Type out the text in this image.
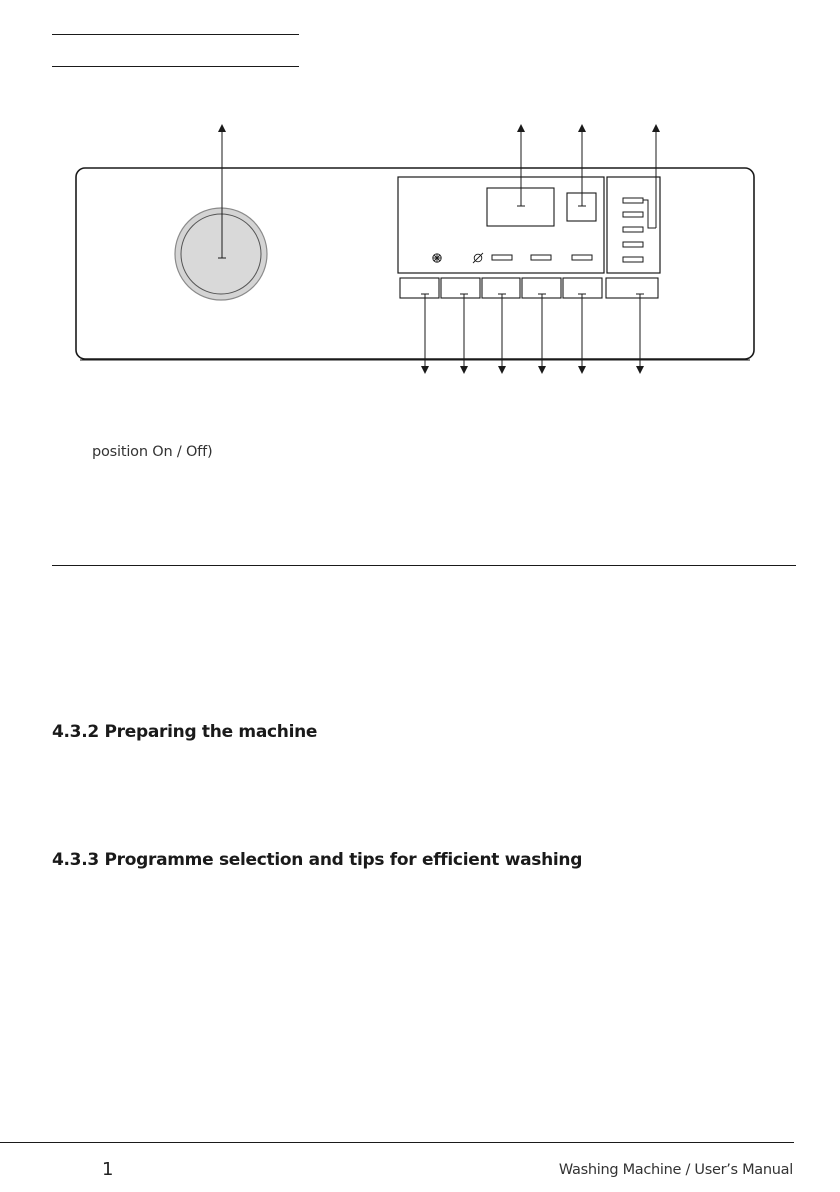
position On / Off)
4.3.2 Preparing the machine
4.3.3 Programme selection and tips for efficient washing
1	Washing Machine / User’s Manual
